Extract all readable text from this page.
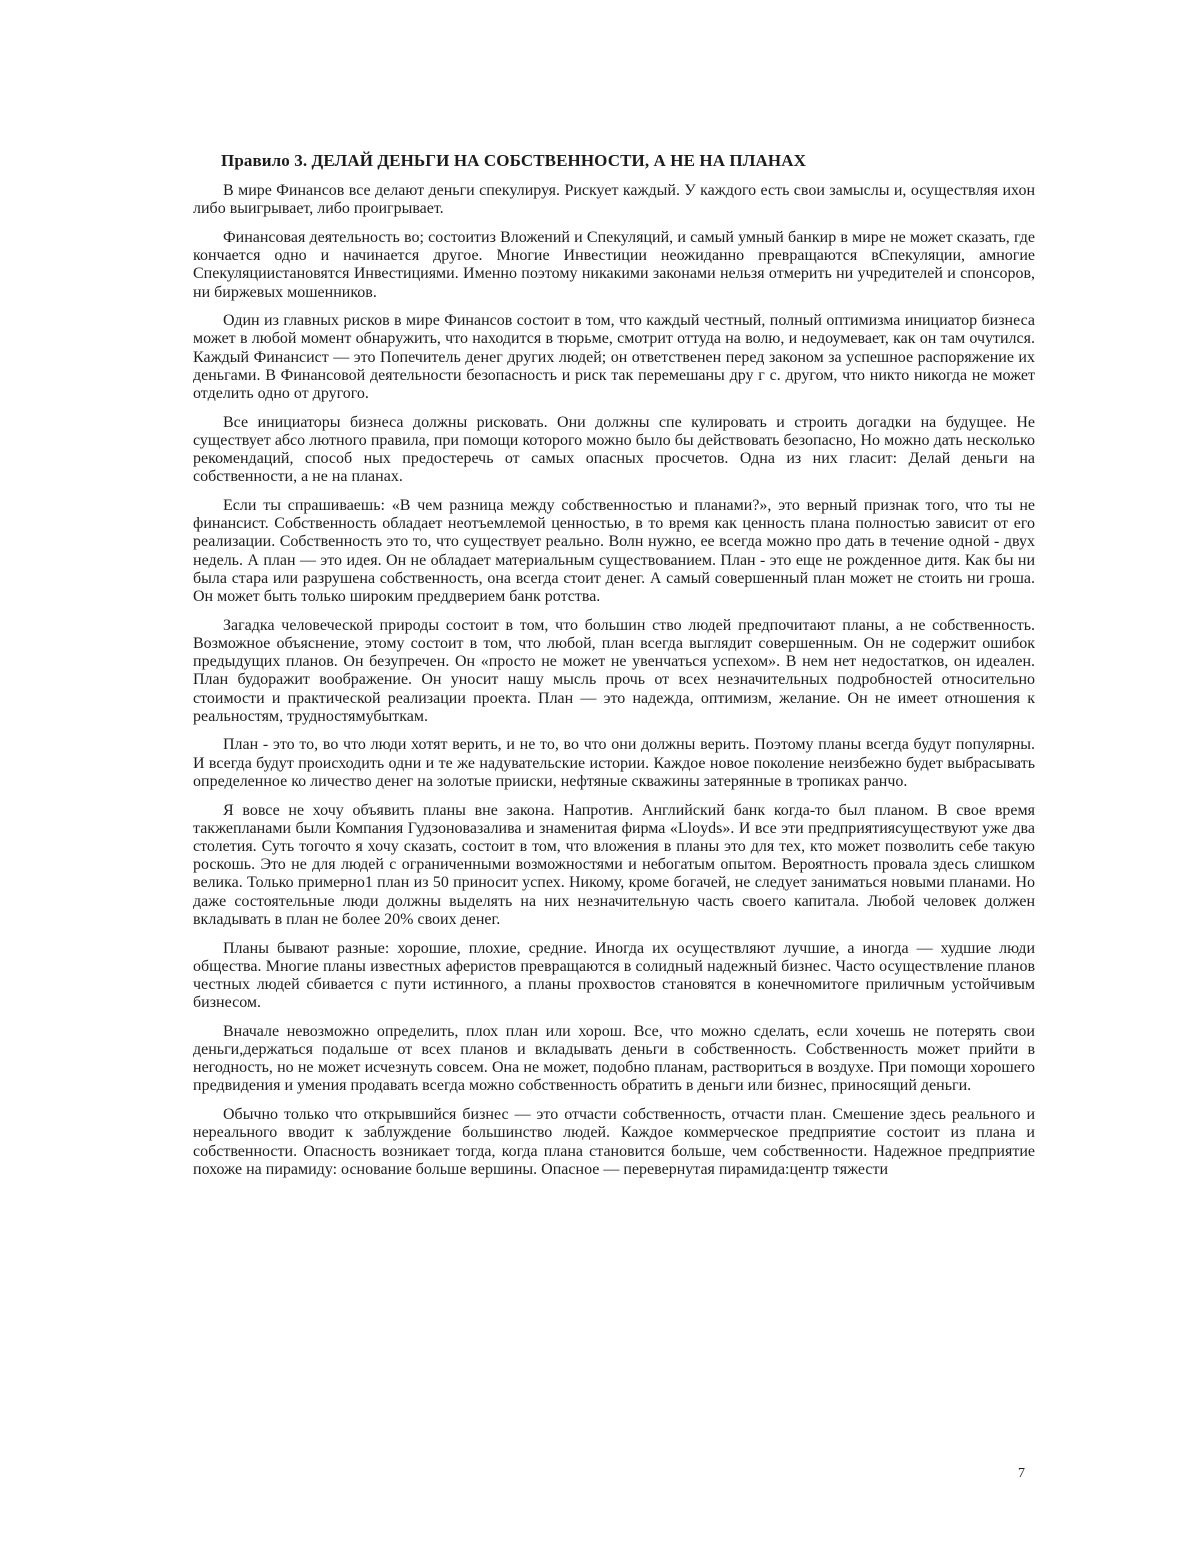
Правило 3. ДЕЛАЙ ДЕНЬГИ НА СОБСТВЕННОСТИ, А НЕ НА ПЛАНАХ

В мире Финансов все делают деньги спекулируя. Рискует каждый. У каждого есть свои замыслы и, осуществляя ихон либо выигрывает, либо проигрывает.

Финансовая деятельность во; состоитиз Вложений и Спекуляций, и самый умный банкир в мире не может сказать, где кончается одно и начинается другое. Многие Инвестиции неожиданно превращаются вСпекуляции, амногие Спекуляциистановятся Инвестициями. Именно поэтому никакими законами нельзя отмерить ни учредителей и спонсоров, ни биржевых мошенников.

Один из главных рисков в мире Финансов состоит в том, что каждый честный, полный оптимизма инициатор бизнеса может в любой момент обнаружить, что находится в тюрьме, смотрит оттуда на волю, и недоумевает, как он там очутился. Каждый Финансист — это Попечитель денег других людей; он ответственен перед законом за успешное распоряжение их деньгами. В Финансовой деятельности безопасность и риск так перемешаны дру г с. другом, что никто никогда не может отделить одно от другого.

Все инициаторы бизнеса должны рисковать. Они должны спе кулировать и строить догадки на будущее. Не существует абсо лютного правила, при помощи которого можно было бы действовать безопасно, Но можно дать несколько рекомендаций, способ ных предостеречь от самых опасных просчетов. Одна из них гласит: Делай деньги на собственности, а не на планах.

Если ты спрашиваешь: «В чем разница между собственностью и планами?», это верный признак того, что ты не финансист. Собственность обладает неотъемлемой ценностью, в то время как ценность плана полностью зависит от его реализации. Собственность это то, что существует реально. Волн нужно, ее всегда можно про дать в течение одной - двух недель. А план — это идея. Он не обладает материальным существованием. План - это еще не рожденное дитя. Как бы ни была стара или разрушена собственность, она всегда стоит денег. А самый совершенный план может не стоить ни гроша. Он может быть только широким преддверием банк ротства.

Загадка человеческой природы состоит в том, что большин ство людей предпочитают планы, а не собственность. Возможное объяснение, этому состоит в том, что любой, план всегда выглядит совершенным. Он не содержит ошибок предыдущих планов. Он безупречен. Он «просто не может не увенчаться успехом». В нем нет недостатков, он идеален. План будоражит воображение. Он уносит нашу мысль прочь от всех незначительных подробностей относительно стоимости и практической реализации проекта. План — это надежда, оптимизм, желание. Он не имеет отношения к реальностям, трудностямубыткам.

План - это то, во что люди хотят верить, и не то, во что они должны верить. Поэтому планы всегда будут популярны. И всегда будут происходить одни и те же надувательские истории. Каждое новое поколение неизбежно будет выбрасывать определенное ко личество денег на золотые прииски, нефтяные скважины затерянные в тропиках ранчо.

Я вовсе не хочу объявить планы вне закона. Напротив. Английский банк когда-то был планом. В свое время такжепланами были Компания Гудзоновазалива и знаменитая фирма «Lloyds». И все эти предприятиясуществуют уже два столетия. Суть тогочто я хочу сказать, состоит в том, что вложения в планы это для тех, кто может позволить себе такую роскошь. Это не для людей с ограниченными возможностями и небогатым опытом. Вероятность провала здесь слишком велика. Только примерно1 план из 50 приносит успех. Никому, кроме богачей, не следует заниматься новыми планами. Но даже состоятельные люди должны выделять на них незначительную часть своего капитала. Любой человек должен вкладывать в план не более 20% своих денег.

Планы бывают разные: хорошие, плохие, средние. Иногда их осуществляют лучшие, а иногда — худшие люди общества. Многие планы известных аферистов превращаются в солидный надежный бизнес. Часто осуществление планов честных людей сбивается с пути истинного, а планы прохвостов становятся в конечномитоге приличным устойчивым бизнесом.

Вначале невозможно определить, плох план или хорош. Все, что можно сделать, если хочешь не потерять свои деньги,держаться подальше от всех планов и вкладывать деньги в собственность. Собственность может прийти в негодность, но не может исчезнуть совсем. Она не может, подобно планам, раствориться в воздухе. При помощи хорошего предвидения и умения продавать всегда можно собственность обратить в деньги или бизнес, приносящий деньги.

Обычно только что открывшийся бизнес — это отчасти собственность, отчасти план. Смешение здесь реального и нереального вводит к заблуждение большинство людей. Каждое коммерческое предприятие состоит из плана и собственности. Опасность возникает тогда, когда плана становится больше, чем собственности. Надежное предприятие похоже на пирамиду: основание больше вершины. Опасное — перевернутая пирамида:центр тяжести

7
